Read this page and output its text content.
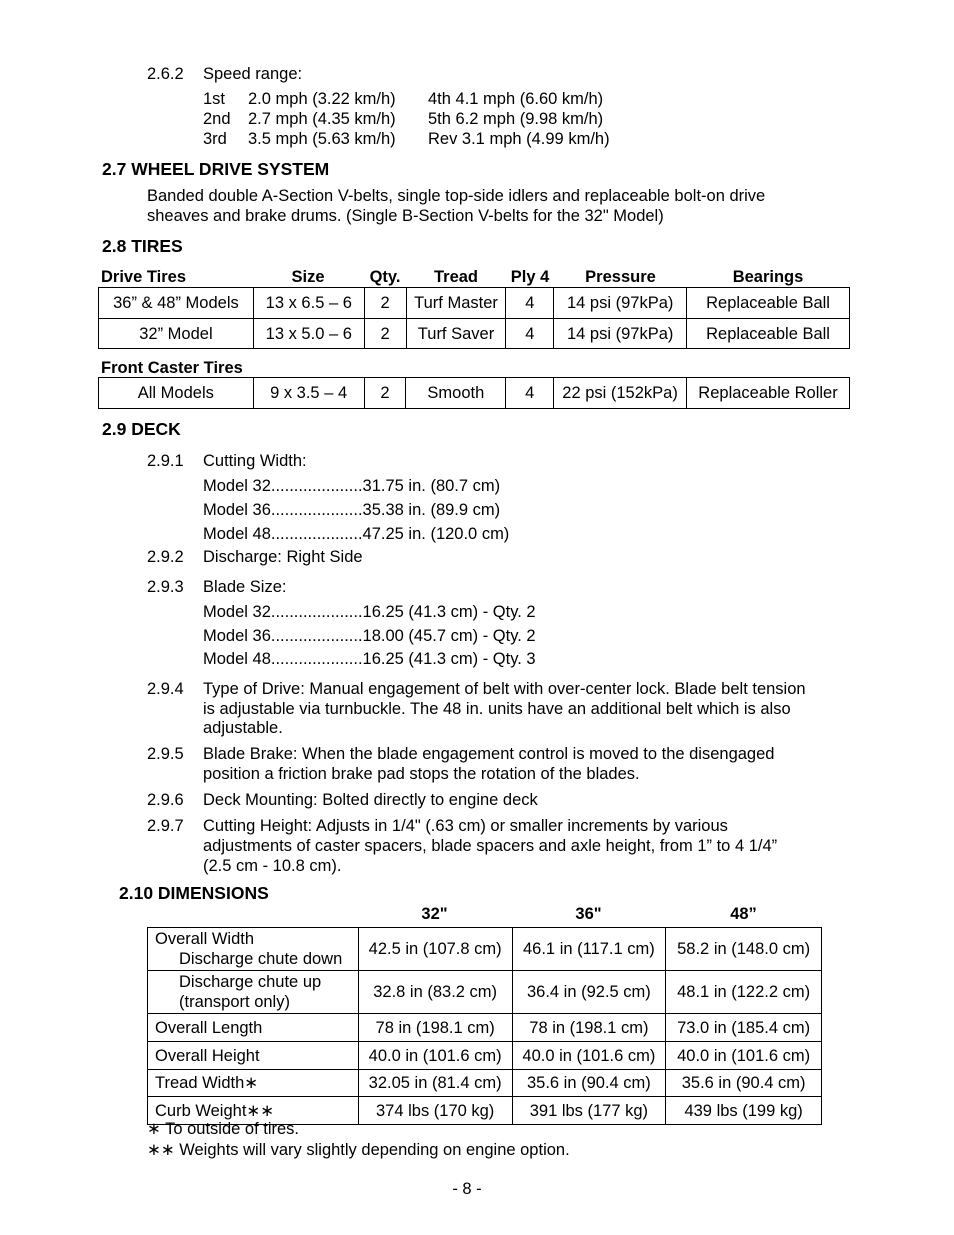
2.6.2 Speed range:
1st 2.0 mph (3.22 km/h) 4th 4.1 mph (6.60 km/h)
2nd 2.7 mph (4.35 km/h) 5th 6.2 mph (9.98 km/h)
3rd 3.5 mph (5.63 km/h) Rev 3.1 mph (4.99 km/h)
2.7 WHEEL DRIVE SYSTEM
Banded double A-Section V-belts, single top-side idlers and replaceable bolt-on drive
sheaves and brake drums. (Single B-Section V-belts for the 32" Model)
2.8 TIRES
Drive Tires	Size	Qty.	Tread	Ply 4	Pressure	Bearings
36” & 48” Models	13 x 6.5 – 6	2	Turf Master	4	14 psi (97kPa)	Replaceable Ball
32” Model	13 x 5.0 – 6	2	Turf Saver	4	14 psi (97kPa)	Replaceable Ball
Front Caster Tires
All Models	9 x 3.5 – 4	2	Smooth	4	22 psi (152kPa)	Replaceable Roller
2.9 DECK
2.9.1 Cutting Width:
Model 32....................31.75 in. (80.7 cm)
Model 36....................35.38 in. (89.9 cm)
Model 48....................47.25 in. (120.0 cm)
2.9.2 Discharge: Right Side
2.9.3 Blade Size:
Model 32....................16.25 (41.3 cm) - Qty. 2
Model 36....................18.00 (45.7 cm) - Qty. 2
Model 48....................16.25 (41.3 cm) - Qty. 3
2.9.4 Type of Drive: Manual engagement of belt with over-center lock. Blade belt tension
is adjustable via turnbuckle. The 48 in. units have an additional belt which is also
adjustable.
2.9.5 Blade Brake: When the blade engagement control is moved to the disengaged
position a friction brake pad stops the rotation of the blades.
2.9.6 Deck Mounting: Bolted directly to engine deck
2.9.7 Cutting Height: Adjusts in 1/4" (.63 cm) or smaller increments by various
adjustments of caster spacers, blade spacers and axle height, from 1” to 4 1/4”
(2.5 cm - 10.8 cm).
2.10 DIMENSIONS
32"	36"	48”
Overall Width
Discharge chute down	42.5 in (107.8 cm)	46.1 in (117.1 cm)	58.2 in (148.0 cm)

Discharge chute up
(transport only)	32.8 in (83.2 cm)	36.4 in (92.5 cm)	48.1 in (122.2 cm)
Overall Length	78 in (198.1 cm)	78 in (198.1 cm)	73.0 in (185.4 cm)
Overall Height	40.0 in (101.6 cm)	40.0 in (101.6 cm)	40.0 in (101.6 cm)
Tread Width∗	32.05 in (81.4 cm)	35.6 in (90.4 cm)	35.6 in (90.4 cm)
Curb Weight∗∗	374 lbs (170 kg)	391 lbs (177 kg)	439 lbs (199 kg)
∗ To outside of tires.
∗∗ Weights will vary slightly depending on engine option.
- 8 -
